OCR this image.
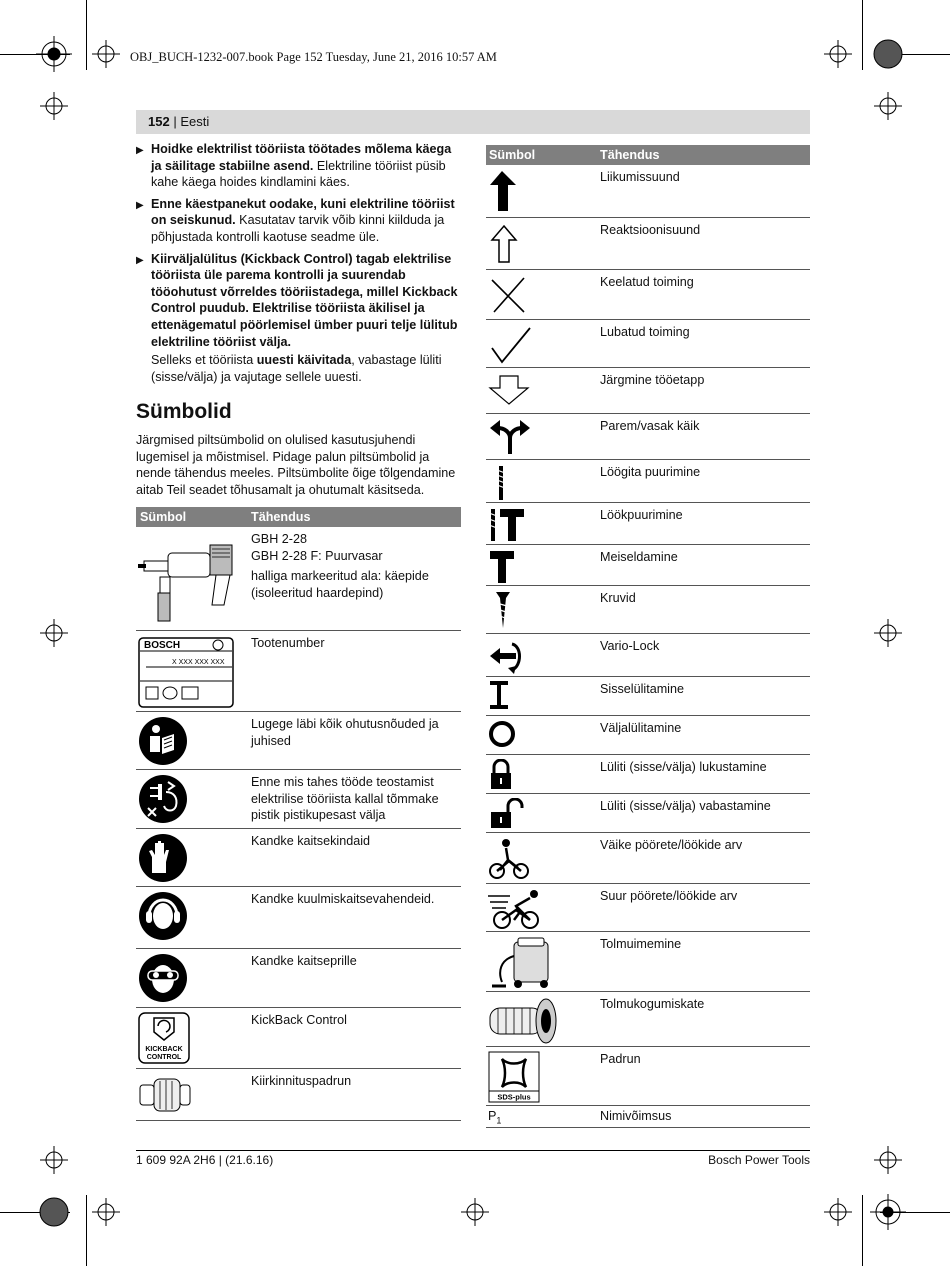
OBJ_BUCH-1232-007.book Page 152 Tuesday, June 21, 2016 10:57 AM
152 | Eesti
▶ Hoidke elektrilist tööriista töötades mõlema käega ja säilitage stabiilne asend. Elektriline tööriist püsib kahe käega hoides kindlamini käes.
▶ Enne käestpanekut oodake, kuni elektriline tööriist on seiskunud. Kasutatav tarvik võib kinni kiilduda ja põhjustada kontrolli kaotuse seadme üle.
▶ Kiirväljalülitus (Kickback Control) tagab elektrilise tööriista üle parema kontrolli ja suurendab tööohutust võrreldes tööriistadega, millel Kickback Control puudub. Elektrilise tööriista äkilisel ja ettenägematul pöörlemisel ümber puuri telje lülitub elektriline tööriist välja.
Selleks et tööriista uuesti käivitada, vabastage lüliti (sisse/välja) ja vajutage sellele uuesti.
Sümbolid
Järgmised piltsümbolid on olulised kasutusjuhendi lugemisel ja mõistmisel. Pidage palun piltsümbolid ja nende tähendus meeles. Piltsümbolite õige tõlgendamine aitab Teil seadet tõhusamalt ja ohutumalt käsitseda.
Sümbol	Tähendus
GBH 2-28
GBH 2-28 F: Puurvasar
halliga markeeritud ala: käepide (isoleeritud haardepind)
BOSCH
X XXX XXX XXX
Tootenumber
Lugege läbi kõik ohutusnõuded ja juhised
Enne mis tahes tööde teostamist elektrilise tööriista kallal tõmmake pistik pistikupesast välja
Kandke kaitsekindaid
Kandke kuulmiskaitsevahendeid.
Kandke kaitseprille
KICKBACK
CONTROL
KickBack Control
Kiirkinnituspadrun
Sümbol	Tähendus
Liikumissuund
Reaktsioonisuund
Keelatud toiming
Lubatud toiming
Järgmine tööetapp
Parem/vasak käik
Löögita puurimine
Löökpuurimine
Meiseldamine
Kruvid
Vario-Lock
Sisselülitamine
Väljalülitamine
Lüliti (sisse/välja) lukustamine
Lüliti (sisse/välja) vabastamine
Väike pöörete/löökide arv
Suur pöörete/löökide arv
Tolmuimemine
Tolmukogumiskate
SDS-plus
Padrun
$P_1$	Nimivõimsus
1 609 92A 2H6 | (21.6.16)	Bosch Power Tools
